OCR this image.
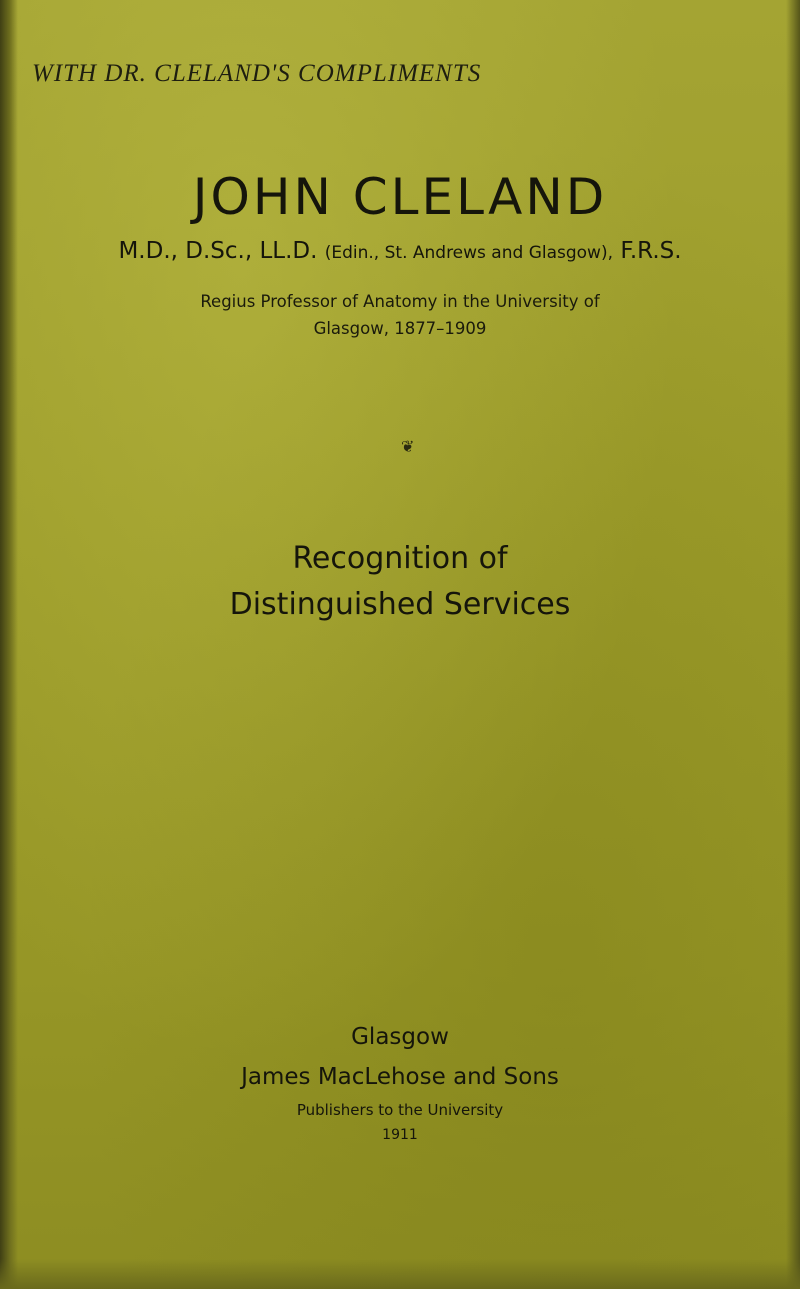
WITH DR. CLELAND'S COMPLIMENTS
JOHN CLELAND
M.D., D.Sc., LL.D. (Edin., St. Andrews and Glasgow), F.R.S.
Regius Professor of Anatomy in the University of
Glasgow, 1877–1909
❦
Recognition of
Distinguished Services
Glasgow
James MacLehose and Sons
Publishers to the University
1911
